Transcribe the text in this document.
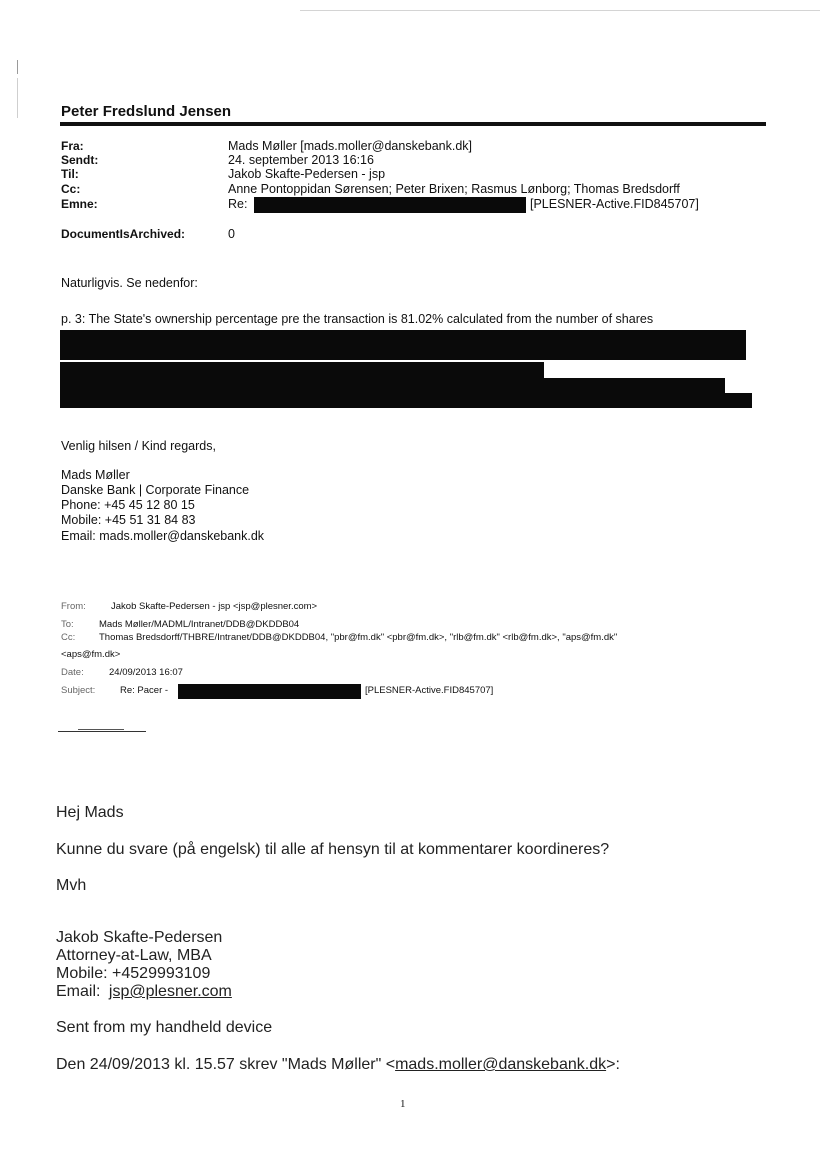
Peter Fredslund Jensen
Fra:	Mads Møller [mads.moller@danskebank.dk]
Sendt:	24. september 2013 16:16
Til:	Jakob Skafte-Pedersen - jsp
Cc:	Anne Pontoppidan Sørensen; Peter Brixen; Rasmus Lønborg; Thomas Bredsdorff
Emne:	Re:	[PLESNER-Active.FID845707]
DocumentIsArchived:	0
Naturligvis. Se nedenfor:
p. 3: The State's ownership percentage pre the transaction is 81.02% calculated from the number of shares
Venlig hilsen / Kind regards,
Mads Møller
Danske Bank | Corporate Finance
Phone: +45 45 12 80 15
Mobile: +45 51 31 84 83
Email: mads.moller@danskebank.dk
From:	Jakob Skafte-Pedersen - jsp <jsp@plesner.com>
To:	Mads Møller/MADML/Intranet/DDB@DKDDB04
Cc:	Thomas Bredsdorff/THBRE/Intranet/DDB@DKDDB04, "pbr@fm.dk" <pbr@fm.dk>, "rlb@fm.dk" <rlb@fm.dk>, "aps@fm.dk"
<aps@fm.dk>
Date:	24/09/2013 16:07
Subject:	Re: Pacer -	[PLESNER-Active.FID845707]
Hej Mads
Kunne du svare (på engelsk) til alle af hensyn til at kommentarer koordineres?
Mvh
Jakob Skafte-Pedersen
Attorney-at-Law, MBA
Mobile: +4529993109
Email: jsp@plesner.com
Sent from my handheld device
Den 24/09/2013 kl. 15.57 skrev "Mads Møller" <mads.moller@danskebank.dk>:
1
